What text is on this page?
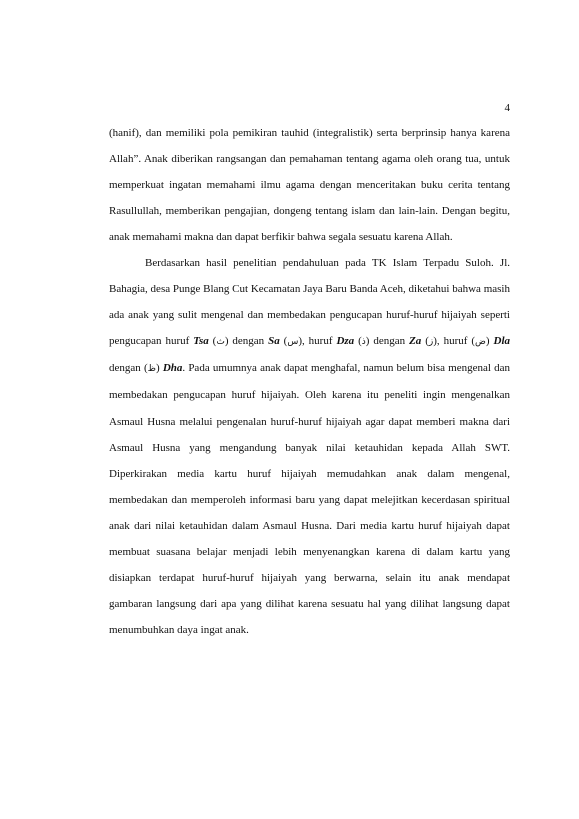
4

(hanif), dan memiliki pola pemikiran tauhid (integralistik) serta berprinsip hanya karena Allah”. Anak diberikan rangsangan dan pemahaman tentang agama oleh orang tua, untuk memperkuat ingatan memahami ilmu agama dengan menceritakan buku cerita tentang Rasullullah, memberikan pengajian, dongeng tentang islam dan lain-lain. Dengan begitu, anak memahami makna dan dapat berfikir bahwa segala sesuatu karena Allah.

Berdasarkan hasil penelitian pendahuluan pada TK Islam Terpadu Suloh. Jl. Bahagia, desa Punge Blang Cut Kecamatan Jaya Baru Banda Aceh, diketahui bahwa masih ada anak yang sulit mengenal dan membedakan pengucapan huruf-huruf hijaiyah seperti pengucapan huruf Tsa (ث) dengan Sa (س), huruf Dza (ذ) dengan Za (ز), huruf (ض) Dla dengan (ظ) Dha. Pada umumnya anak dapat menghafal, namun belum bisa mengenal dan membedakan pengucapan huruf hijaiyah. Oleh karena itu peneliti ingin mengenalkan Asmaul Husna melalui pengenalan huruf-huruf hijaiyah agar dapat memberi makna dari Asmaul Husna yang mengandung banyak nilai ketauhidan kepada Allah SWT. Diperkirakan media kartu huruf hijaiyah memudahkan anak dalam mengenal, membedakan dan memperoleh informasi baru yang dapat melejitkan kecerdasan spiritual anak dari nilai ketauhidan dalam Asmaul Husna. Dari media kartu huruf hijaiyah dapat membuat suasana belajar menjadi lebih menyenangkan karena di dalam kartu yang disiapkan terdapat huruf-huruf hijaiyah yang berwarna, selain itu anak mendapat gambaran langsung dari apa yang dilihat karena sesuatu hal yang dilihat langsung dapat menumbuhkan daya ingat anak.
